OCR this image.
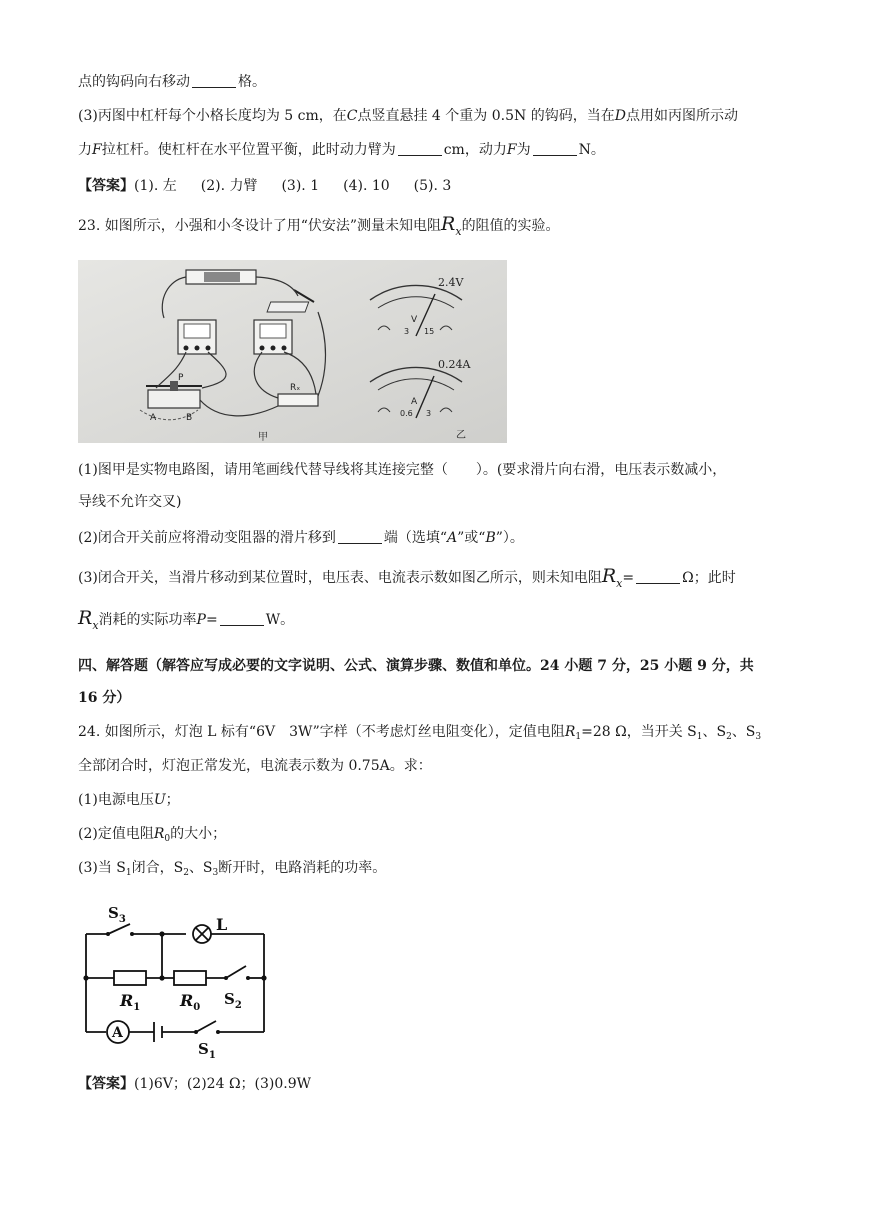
点的钩码向右移动	格。
(3)丙图中杠杆每个小格长度均为 5 cm，在C点竖直悬挂 4 个重为 0.5N 的钩码，当在D点用如丙图所示动
力F拉杠杆。使杠杆在水平位置平衡，此时动力臂为	cm，动力F为	N。
【答案】(1). 左 (2). 力臂 (3). 1 (4). 10 (5). 3
23. 如图所示，小强和小冬设计了用“伏安法”测量未知电阻$R_x$的阻值的实验。
2.4V
0.24A
V
3 15
A
0.6 3
P
A	B
Rₓ
甲	乙
(1)图甲是实物电路图，请用笔画线代替导线将其连接完整（ ）。(要求滑片向右滑，电压表示数减小，
导线不允许交叉)
(2)闭合开关前应将滑动变阻器的滑片移到	端（选填“A”或“B”）。
(3)闭合开关，当滑片移动到某位置时，电压表、电流表示数如图乙所示，则未知电阻$R_x=$	Ω；此时
$R_x$消耗的实际功率P=	W。
四、解答题（解答应写成必要的文字说明、公式、演算步骤、数值和单位。24 小题 7 分，25 小题 9 分，共
16 分）
24. 如图所示，灯泡 L 标有“6V　3W”字样（不考虑灯丝电阻变化），定值电阻$R_1=28$ Ω，当开关 $S_1$、$S_2$、$S_3$
全部闭合时，灯泡正常发光，电流表示数为 0.75A。求：
(1)电源电压U；
(2)定值电阻$R_0$的大小；
(3)当 $S_1$闭合，$S_2$、$S_3$断开时，电路消耗的功率。
$S_3$	L
$R_1$ $R_0$ $S_2$
A
$S_1$
【答案】(1)6V；(2)24 Ω；(3)0.9W
